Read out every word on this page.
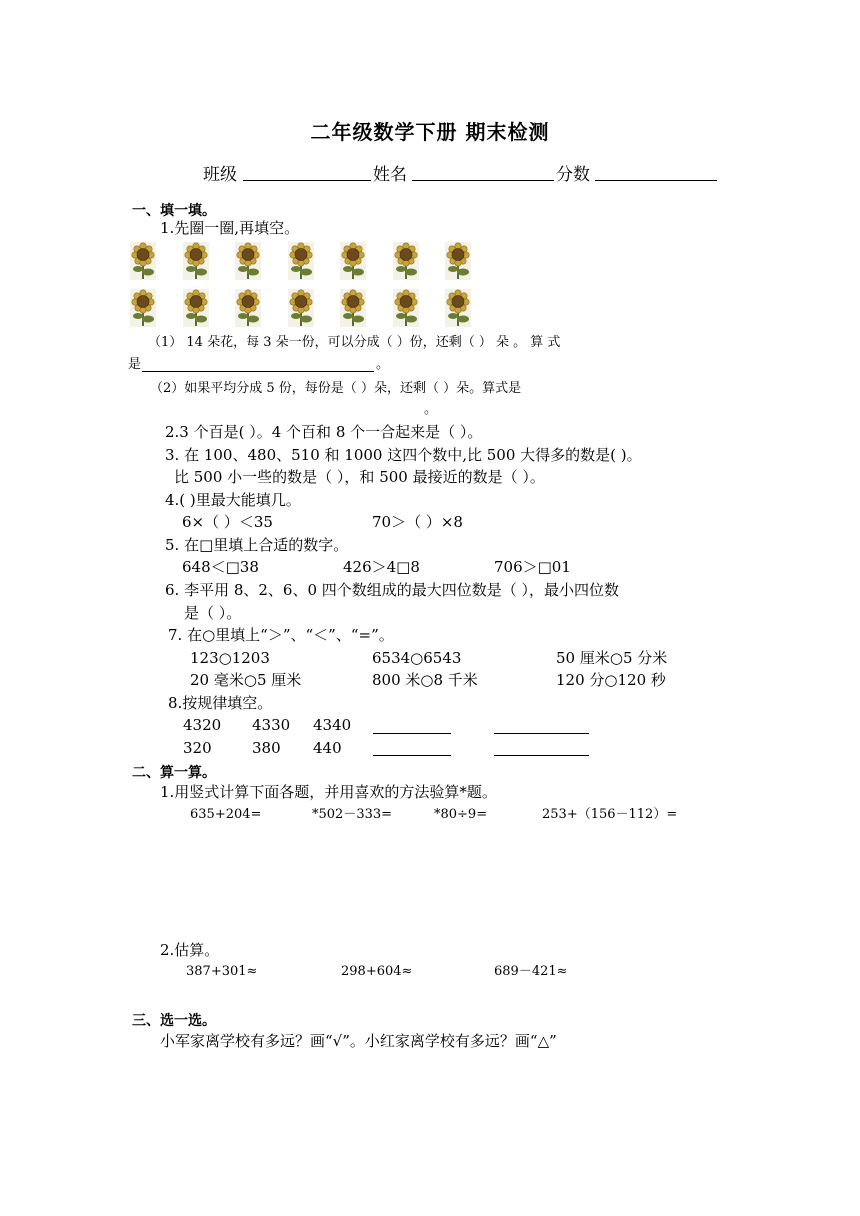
二年级数学下册 期末检测
班级	姓名	分数
一、填一填。
1.先圈一圈,再填空。
（1） 14 朵花，每 3 朵一份，可以分成（ ）份，还剩（ ） 朵 。 算 式
是	。
（2）如果平均分成 5 份，每份是（ ）朵，还剩（ ）朵。算式是
。
2.3 个百是( ）。4 个百和 8 个一合起来是（ ）。
3. 在 100、480、510 和 1000 这四个数中,比 500 大得多的数是( )。
比 500 小一些的数是（ ），和 500 最接近的数是（ ）。
4.( )里最大能填几。
6×（ ）＜35	70＞（ ）×8
5. 在□里填上合适的数字。
648＜□38	426＞4□8	706＞□01
6. 李平用 8、2、6、0 四个数组成的最大四位数是（ ），最小四位数
是（ ）。
7. 在○里填上“＞”、“＜”、“=”。
123○1203	6534○6543	50 厘米○5 分米
20 毫米○5 厘米	800 米○8 千米	120 分○120 秒
8.按规律填空。
4320 4330 4340
320	380 440
二、算一算。
1.用竖式计算下面各题，并用喜欢的方法验算*题。
635+204=	*502－333=	*80÷9=	253+（156－112）=
2.估算。
387+301≈	298+604≈	689－421≈
三、选一选。
小军家离学校有多远？画“√”。小红家离学校有多远？画“△”
